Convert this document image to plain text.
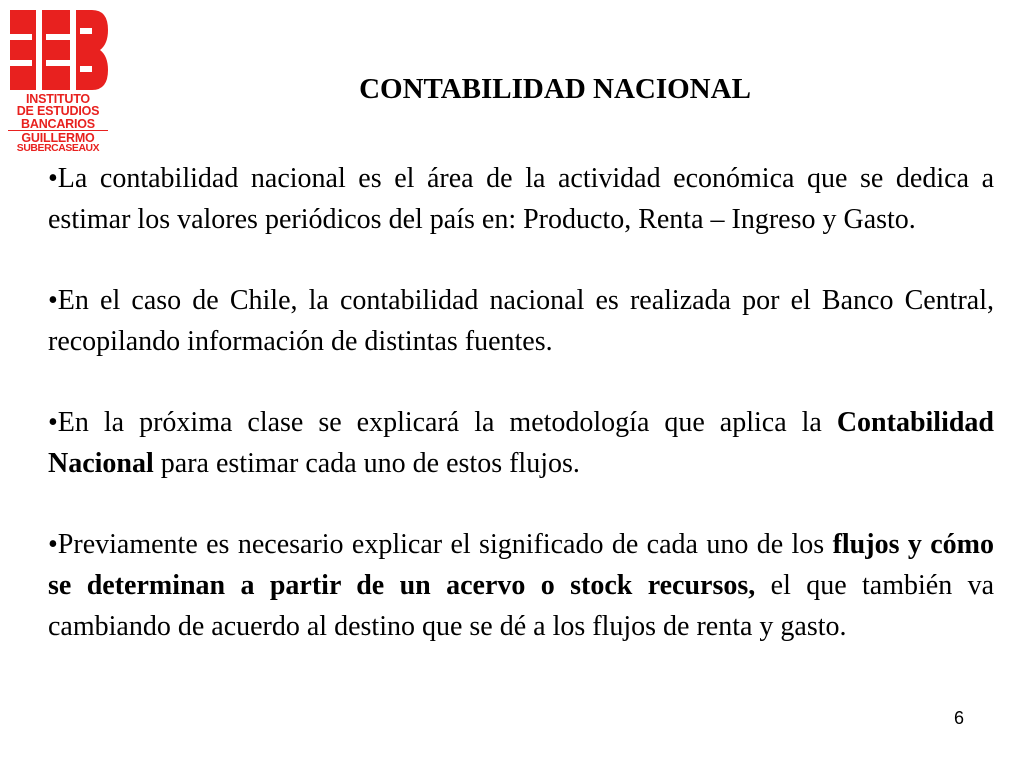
INSTITUTO
DE ESTUDIOS
BANCARIOS
GUILLERMO
SUBERCASEAUX
CONTABILIDAD NACIONAL

•La contabilidad nacional es el área de la actividad económica que se dedica a estimar los valores periódicos del país en: Producto, Renta – Ingreso y Gasto.

•En el caso de Chile, la contabilidad nacional es realizada por el Banco Central, recopilando información de distintas fuentes.

•En la próxima clase se explicará la metodología que aplica la Contabilidad Nacional para estimar cada uno de estos flujos.

•Previamente es necesario explicar el significado de cada uno de los flujos y cómo se determinan a partir de un acervo o stock recursos, el que también va cambiando de acuerdo al destino que se dé a los flujos de renta y gasto.

6
